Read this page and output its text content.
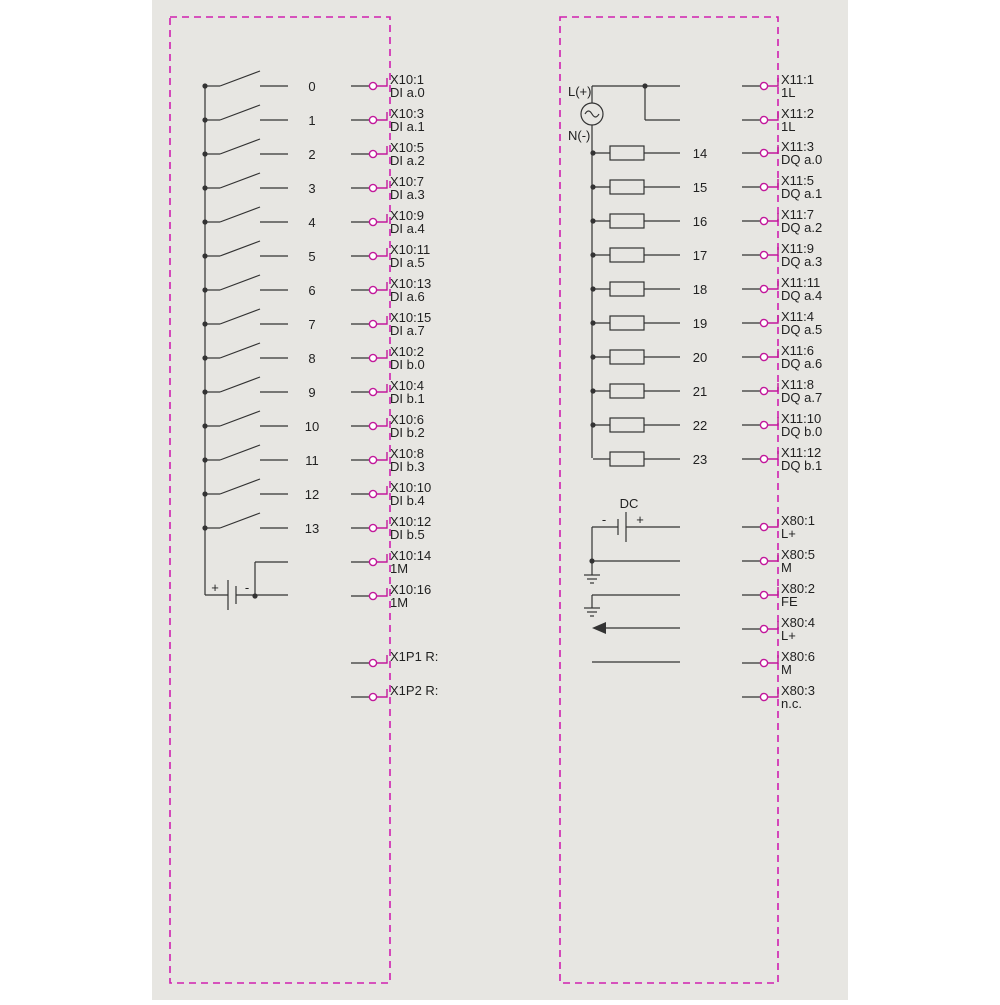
0	X10:1
DI a.0
1	X10:3
DI a.1
2	X10:5
DI a.2
3	X10:7
DI a.3
4	X10:9
DI a.4
5	X10:11
DI a.5
6	X10:13
DI a.6
7	X10:15
DI a.7
8	X10:2
DI b.0
9	X10:4
DI b.1
10	X10:6
DI b.2
11	X10:8
DI b.3
12	X10:10
DI b.4
13	X10:12
DI b.5
X10:14
1M
X10:16
1M
+ -
X1P1 R:
X1P2 R:
L(+)
N(-)
X11:1
1L
X11:2
1L
14	X11:3
DQ a.0
15	X11:5
DQ a.1
16	X11:7
DQ a.2
17	X11:9
DQ a.3
18	X11:11
DQ a.4
19	X11:4
DQ a.5
20	X11:6
DQ a.6
21	X11:8
DQ a.7
22	X11:10
DQ b.0
23	X11:12
DQ b.1
DC
- +	X80:1
L+
X80:5
M
X80:2
FE
X80:4
L+
X80:6
M
X80:3
n.c.
